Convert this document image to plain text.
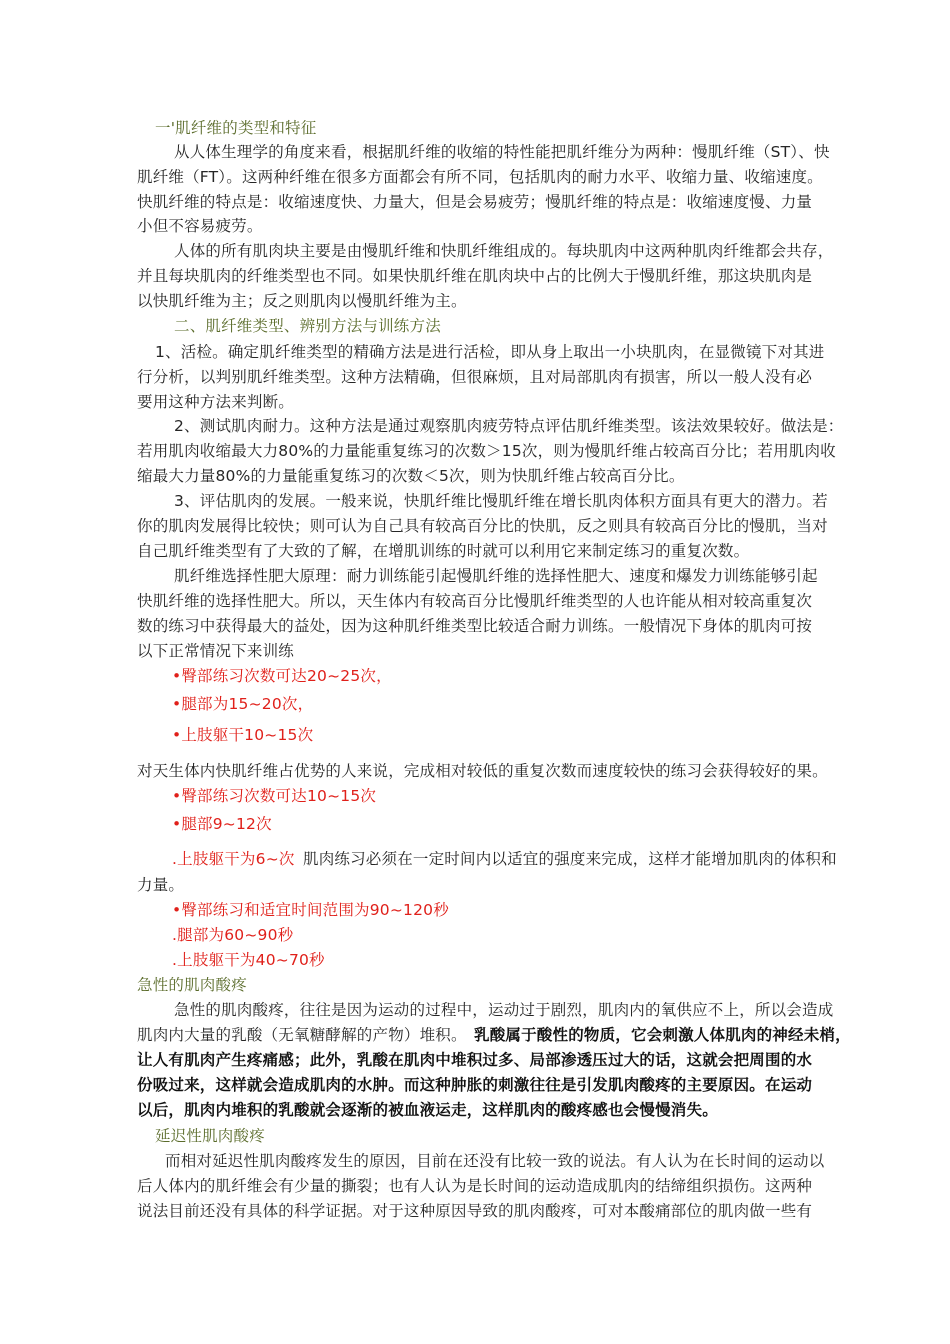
一'肌纤维的类型和特征
从人体生理学的角度来看，根据肌纤维的收缩的特性能把肌纤维分为两种：慢肌纤维（ST）、快
肌纤维（FT）。这两种纤维在很多方面都会有所不同，包括肌肉的耐力水平、收缩力量、收缩速度。
快肌纤维的特点是：收缩速度快、力量大，但是会易疲劳；慢肌纤维的特点是：收缩速度慢、力量
小但不容易疲劳。
人体的所有肌肉块主要是由慢肌纤维和快肌纤维组成的。每块肌肉中这两种肌肉纤维都会共存，
并且每块肌肉的纤维类型也不同。如果快肌纤维在肌肉块中占的比例大于慢肌纤维，那这块肌肉是
以快肌纤维为主；反之则肌肉以慢肌纤维为主。
二、肌纤维类型、辨别方法与训练方法
1、活检。确定肌纤维类型的精确方法是进行活检，即从身上取出一小块肌肉，在显微镜下对其进
行分析，以判别肌纤维类型。这种方法精确，但很麻烦，且对局部肌肉有损害，所以一般人没有必
要用这种方法来判断。
2、测试肌肉耐力。这种方法是通过观察肌肉疲劳特点评估肌纤维类型。该法效果较好。做法是：
若用肌肉收缩最大力80%的力量能重复练习的次数＞15次，则为慢肌纤维占较高百分比；若用肌肉收
缩最大力量80%的力量能重复练习的次数＜5次，则为快肌纤维占较高百分比。
3、评估肌肉的发展。一般来说，快肌纤维比慢肌纤维在增长肌肉体积方面具有更大的潜力。若
你的肌肉发展得比较快；则可认为自己具有较高百分比的快肌，反之则具有较高百分比的慢肌，当对
自己肌纤维类型有了大致的了解，在增肌训练的时就可以利用它来制定练习的重复次数。
肌纤维选择性肥大原理：耐力训练能引起慢肌纤维的选择性肥大、速度和爆发力训练能够引起
快肌纤维的选择性肥大。所以，天生体内有较高百分比慢肌纤维类型的人也许能从相对较高重复次
数的练习中获得最大的益处，因为这种肌纤维类型比较适合耐力训练。一般情况下身体的肌肉可按
以下正常情况下来训练
•臀部练习次数可达20~25次，
•腿部为15~20次，
•上肢躯干10~15次
对天生体内快肌纤维占优势的人来说，完成相对较低的重复次数而速度较快的练习会获得较好的果。
•臀部练习次数可达10~15次
•腿部9~12次
.上肢躯干为6~次 肌肉练习必须在一定时间内以适宜的强度来完成，这样才能增加肌肉的体积和
力量。
•臀部练习和适宜时间范围为90~120秒
.腿部为60~90秒
.上肢躯干为40~70秒
急性的肌肉酸疼
急性的肌肉酸疼，往往是因为运动的过程中，运动过于剧烈，肌肉内的氧供应不上，所以会造成
肌肉内大量的乳酸（无氧糖酵解的产物）堆积。 乳酸属于酸性的物质，它会刺激人体肌肉的神经未梢，
让人有肌肉产生疼痛感；此外，乳酸在肌肉中堆积过多、局部渗透压过大的话，这就会把周围的水
份吸过来，这样就会造成肌肉的水肿。而这种肿胀的刺激往往是引发肌肉酸疼的主要原因。在运动
以后，肌肉内堆积的乳酸就会逐渐的被血液运走，这样肌肉的酸疼感也会慢慢消失。
延迟性肌肉酸疼
而相对延迟性肌肉酸疼发生的原因，目前在还没有比较一致的说法。有人认为在长时间的运动以
后人体内的肌纤维会有少量的撕裂；也有人认为是长时间的运动造成肌肉的结缔组织损伤。这两种
说法目前还没有具体的科学证据。对于这种原因导致的肌肉酸疼，可对本酸痛部位的肌肉做一些有
